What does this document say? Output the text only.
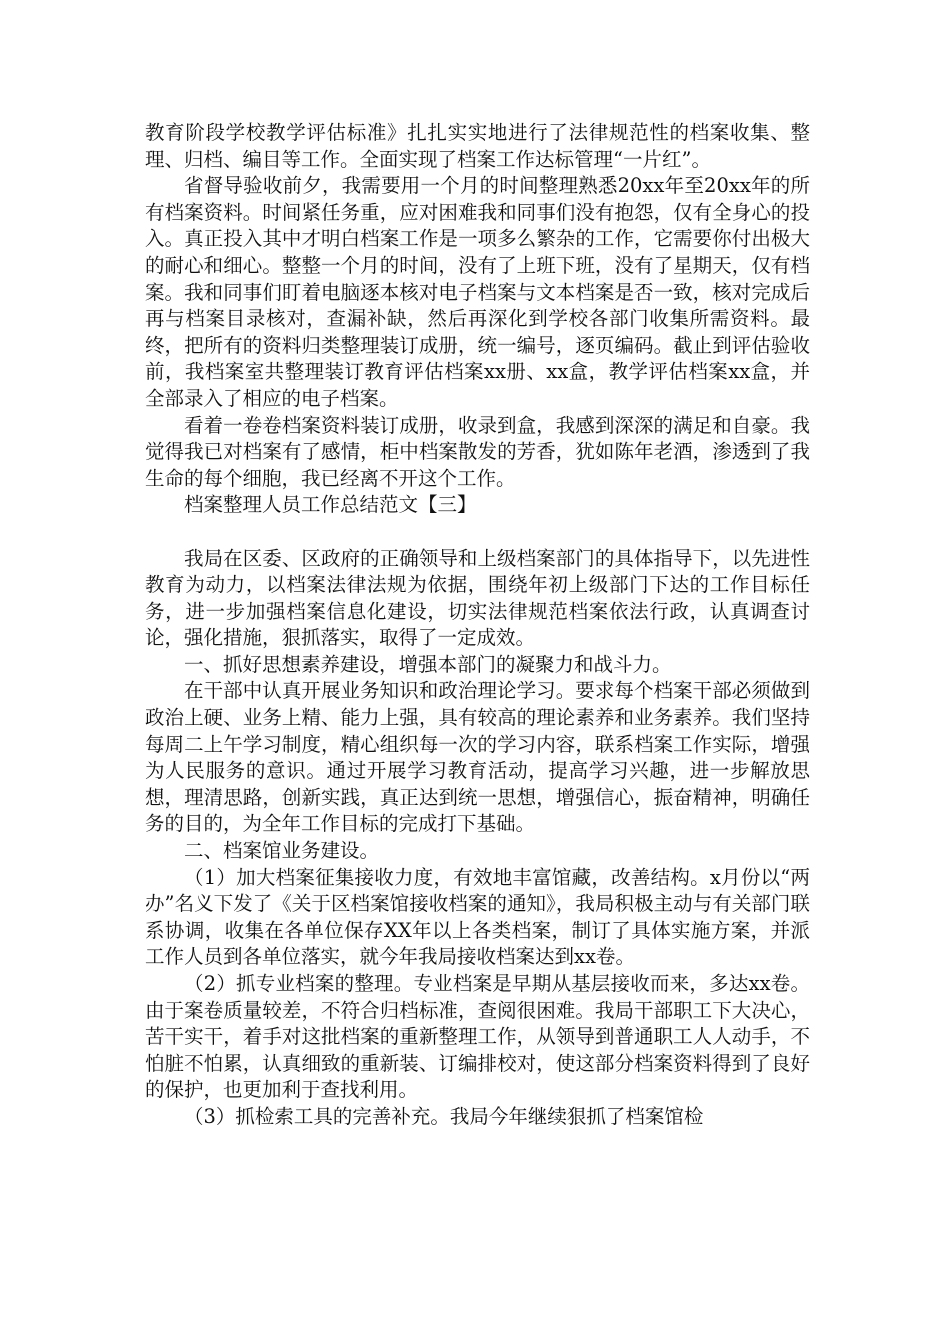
教育阶段学校教学评估标准》扎扎实实地进行了法律规范性的档案收集、整理、归档、编目等工作。全面实现了档案工作达标管理“一片红”。

省督导验收前夕，我需要用一个月的时间整理熟悉20xx年至20xx年的所有档案资料。时间紧任务重，应对困难我和同事们没有抱怨，仅有全身心的投入。真正投入其中才明白档案工作是一项多么繁杂的工作，它需要你付出极大的耐心和细心。整整一个月的时间，没有了上班下班，没有了星期天，仅有档案。我和同事们盯着电脑逐本核对电子档案与文本档案是否一致，核对完成后再与档案目录核对，查漏补缺，然后再深化到学校各部门收集所需资料。最终，把所有的资料归类整理装订成册，统一编号，逐页编码。截止到评估验收前，我档案室共整理装订教育评估档案xx册、xx盒，教学评估档案xx盒，并全部录入了相应的电子档案。

看着一卷卷档案资料装订成册，收录到盒，我感到深深的满足和自豪。我觉得我已对档案有了感情，柜中档案散发的芳香，犹如陈年老酒，渗透到了我生命的每个细胞，我已经离不开这个工作。

档案整理人员工作总结范文【三】

我局在区委、区政府的正确领导和上级档案部门的具体指导下，以先进性教育为动力，以档案法律法规为依据，围绕年初上级部门下达的工作目标任务，进一步加强档案信息化建设，切实法律规范档案依法行政，认真调查讨论，强化措施，狠抓落实，取得了一定成效。

一、抓好思想素养建设，增强本部门的凝聚力和战斗力。

在干部中认真开展业务知识和政治理论学习。要求每个档案干部必须做到政治上硬、业务上精、能力上强，具有较高的理论素养和业务素养。我们坚持每周二上午学习制度，精心组织每一次的学习内容，联系档案工作实际，增强为人民服务的意识。通过开展学习教育活动，提高学习兴趣，进一步解放思想，理清思路，创新实践，真正达到统一思想，增强信心，振奋精神，明确任务的目的，为全年工作目标的完成打下基础。

二、档案馆业务建设。

（1）加大档案征集接收力度，有效地丰富馆藏，改善结构。x月份以“两办”名义下发了《关于区档案馆接收档案的通知》，我局积极主动与有关部门联系协调，收集在各单位保存XX年以上各类档案，制订了具体实施方案，并派工作人员到各单位落实，就今年我局接收档案达到xx卷。

（2）抓专业档案的整理。专业档案是早期从基层接收而来，多达xx卷。由于案卷质量较差，不符合归档标准，查阅很困难。我局干部职工下大决心，苦干实干，着手对这批档案的重新整理工作，从领导到普通职工人人动手，不怕脏不怕累，认真细致的重新装、订编排校对，使这部分档案资料得到了良好的保护，也更加利于查找利用。

（3）抓检索工具的完善补充。我局今年继续狠抓了档案馆检
